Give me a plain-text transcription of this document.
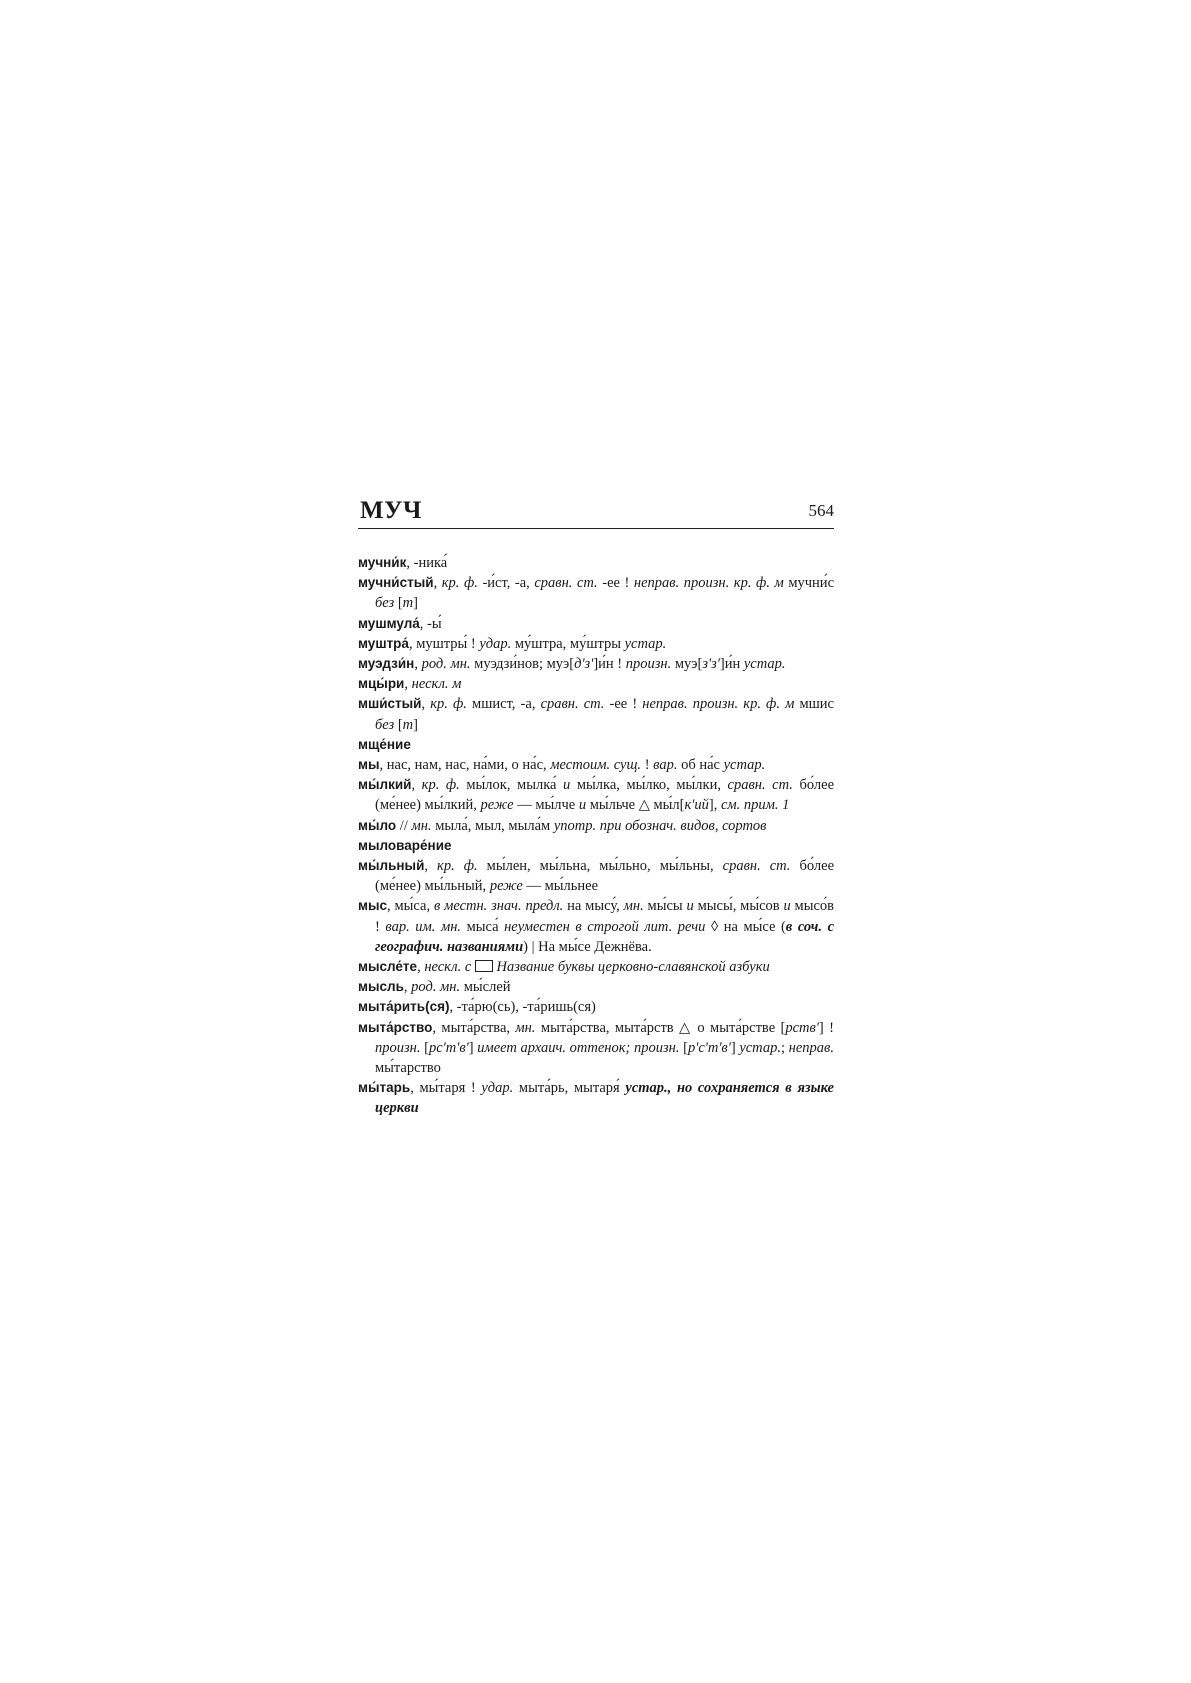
МУЧ	564
мучни́к, -ника́
мучни́стый, кр. ф. -и́ст, -а, сравн. ст. -ее ! неправ. произн. кр. ф. м мучни́с без [т]
мушмула́, -ы́
муштра́, муштры́ ! удар. му́штра, му́штры устар.
муэдзи́н, род. мн. муэдзи́нов; муэ[д'з']и́н ! произн. муэ[з'з']и́н устар.
мцы́ри, нескл. м
мши́стый, кр. ф. мшист, -а, сравн. ст. -ее ! неправ. произн. кр. ф. м мшис без [т]
мще́ние
мы, нас, нам, нас, на́ми, о на́с, местоим. сущ. ! вар. об на́с устар.
мы́лкий, кр. ф. мы́лок, мылка́ и мы́лка, мы́лко, мы́лки, сравн. ст. бо́лее (ме́нее) мы́лкий, реже — мы́лче и мы́льче △ мы́л[к'ий], см. прим. 1
мы́ло // мн. мыла́, мыл, мыла́м употр. при обознач. видов, сортов
мыловаре́ние
мы́льный, кр. ф. мы́лен, мы́льна, мы́льно, мы́льны, сравн. ст. бо́лее (ме́нее) мы́льный, реже — мы́льнее
мыс, мы́са, в местн. знач. предл. на мысу́, мн. мы́сы и мысы́, мы́сов и мысо́в ! вар. им. мн. мыса́ неуместен в строгой лит. речи ◊ на мы́се (в соч. с географич. названиями) | На мы́се Дежнёва.
мысле́те, нескл. с Название буквы церковно-славянской азбуки
мысль, род. мн. мы́слей
мыта́рить(ся), -та́рю(сь), -та́ришь(ся)
мыта́рство, мыта́рства, мн. мыта́рства, мыта́рств △ о мыта́рстве [рств'] ! произн. [рс'т'в'] имеет архаич. оттенок; произн. [р'с'т'в'] устар.; неправ. мы́тарство
мы́тарь, мы́таря ! удар. мыта́рь, мытаря́ устар., но сохраняется в языке церкви
